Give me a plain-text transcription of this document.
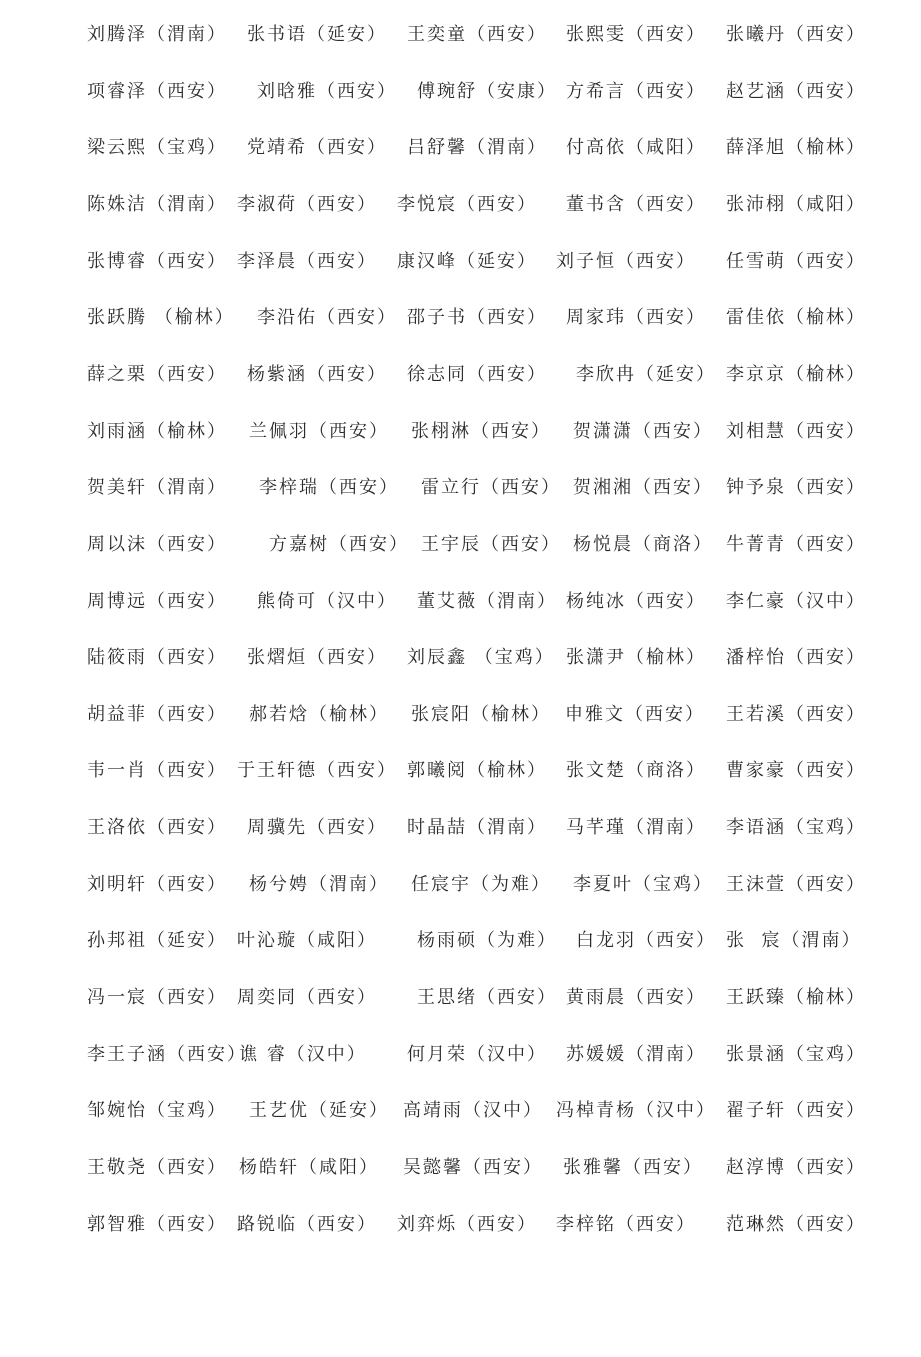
刘腾泽（渭南） 张书语（延安） 王奕童（西安） 张熙雯（西安） 张曦丹（西安）
项睿泽（西安） 刘晗雅（西安） 傅琬舒（安康） 方希言（西安） 赵艺涵（西安）
梁云熙（宝鸡） 党靖希（西安） 吕舒馨（渭南） 付高依（咸阳） 薛泽旭（榆林）
陈姝洁（渭南） 李淑荷（西安） 李悦宸（西安） 董书含（西安） 张沛栩（咸阳）
张博睿（西安） 李泽晨（西安） 康汉峰（延安） 刘子恒（西安） 任雪萌（西安）
张跃腾 （榆林） 李沿佑（西安） 邵子书（西安） 周家玮（西安） 雷佳依（榆林）
薛之栗（西安） 杨紫涵（西安） 徐志同（西安） 李欣冉（延安） 李京京（榆林）
刘雨涵（榆林） 兰佩羽（西安） 张栩淋（西安） 贺潇潇（西安） 刘相慧（西安）
贺美轩（渭南） 李梓瑞（西安） 雷立行（西安） 贺湘湘（西安） 钟予泉（西安）
周以沫（西安） 方嘉树（西安） 王宇辰（西安） 杨悦晨（商洛） 牛菁青（西安）
周博远（西安） 熊倚可（汉中） 董艾薇（渭南） 杨纯冰（西安） 李仁豪（汉中）
陆筱雨（西安） 张熠烜（西安） 刘辰鑫 （宝鸡） 张潇尹（榆林） 潘梓怡（西安）
胡益菲（西安） 郝若焓（榆林） 张宸阳（榆林） 申雅文（西安） 王若溪（西安）
韦一肖（西安） 于王轩德（西安） 郭曦阅（榆林） 张文楚（商洛） 曹家豪（西安）
王洛依（西安） 周骥先（西安） 时晶喆（渭南） 马芊瑾（渭南） 李语涵（宝鸡）
刘明轩（西安） 杨兮娉（渭南） 任宸宇（为难） 李夏叶（宝鸡） 王沫萱（西安）
孙邦祖（延安） 叶沁璇（咸阳） 杨雨硕（为难） 白龙羽（西安） 张  宸（渭南）
冯一宸（西安） 周奕同（西安） 王思绪（西安） 黄雨晨（西安） 王跃臻（榆林）
李王子涵（西安）
谯 睿（汉中） 何月荣（汉中） 苏媛媛（渭南） 张景涵（宝鸡）
邹婉怡（宝鸡） 王艺优（延安） 高靖雨（汉中） 冯棹青杨（汉中） 翟子轩（西安）
王敬尧（西安） 杨皓轩（咸阳） 吴懿馨（西安） 张雅馨（西安） 赵淳博（西安）
郭智雅（西安） 路锐临（西安） 刘弈烁（西安） 李梓铭（西安） 范琳然（西安）
